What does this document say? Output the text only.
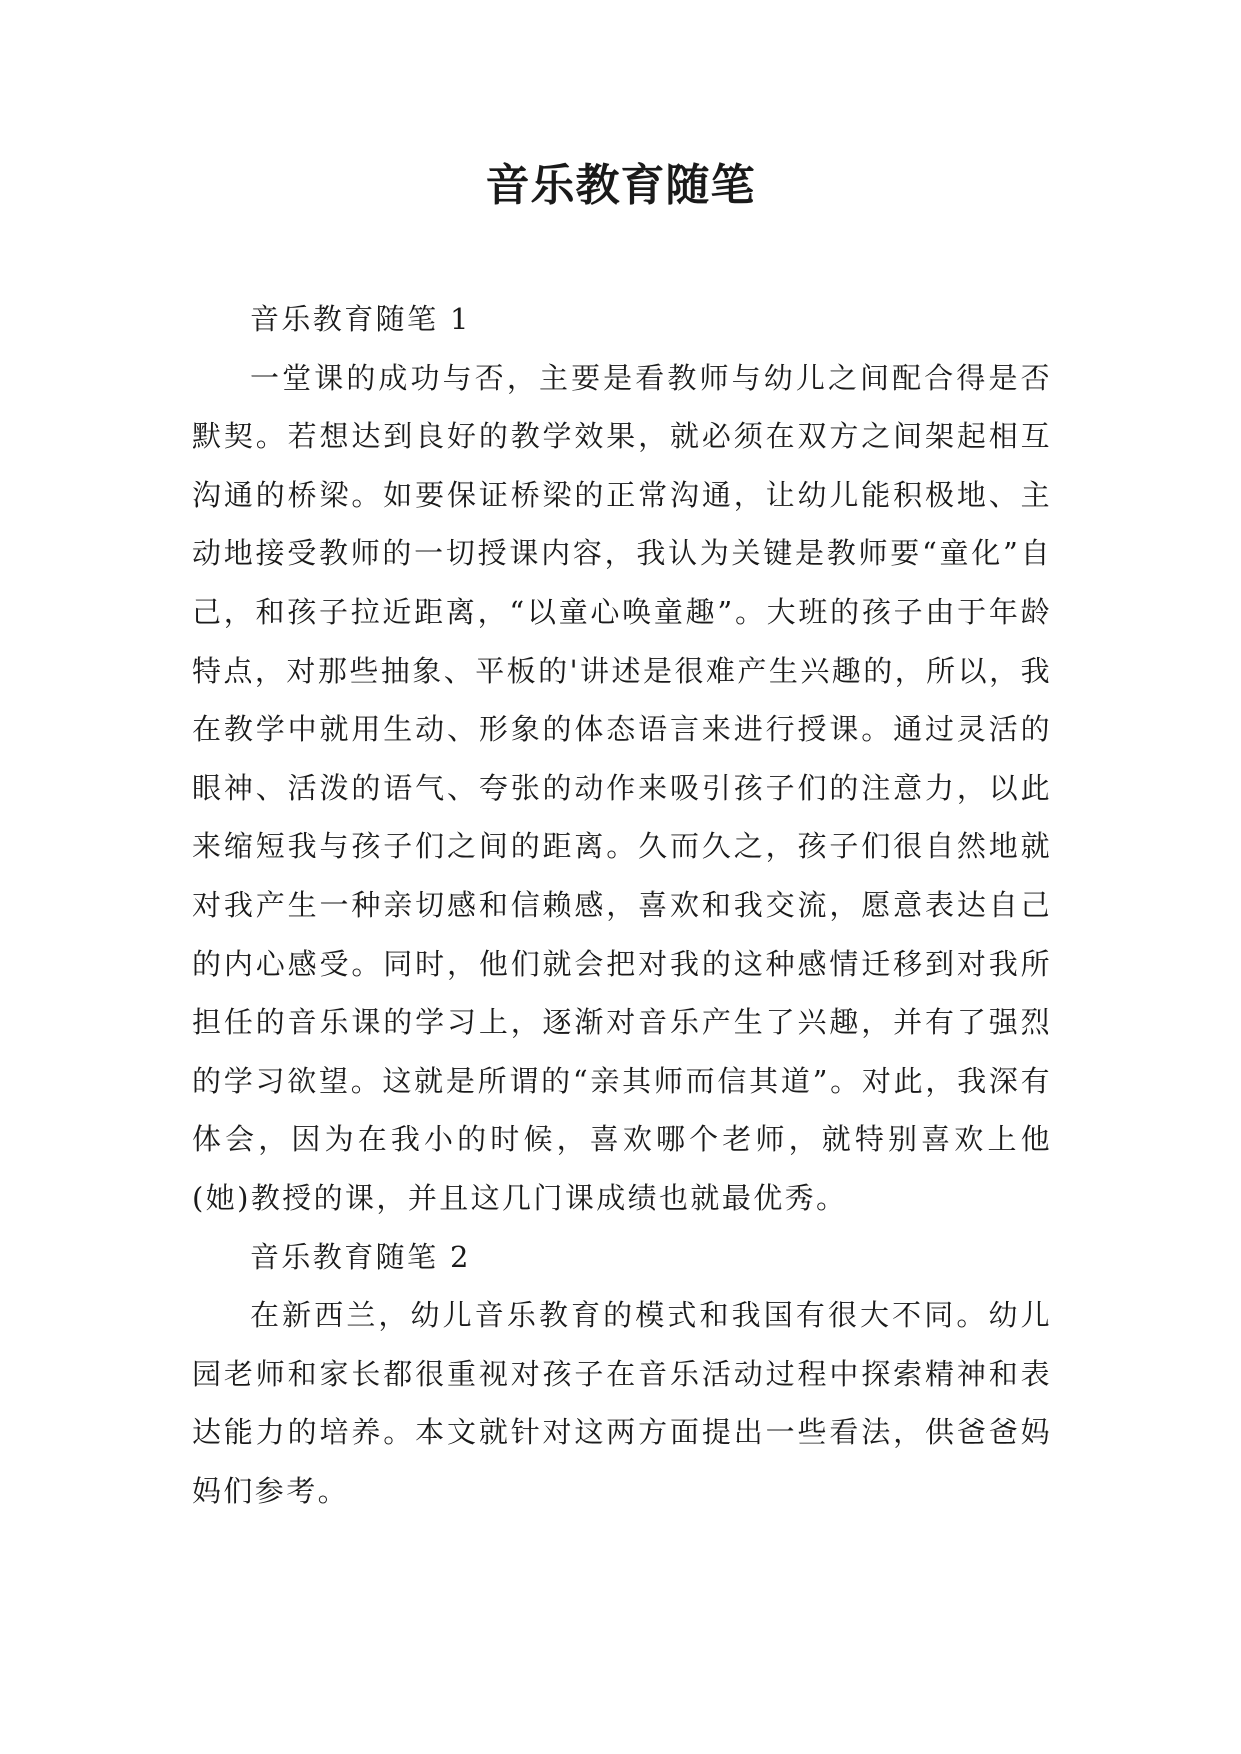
音乐教育随笔

音乐教育随笔 1

一堂课的成功与否，主要是看教师与幼儿之间配合得是否默契。若想达到良好的教学效果，就必须在双方之间架起相互沟通的桥梁。如要保证桥梁的正常沟通，让幼儿能积极地、主动地接受教师的一切授课内容，我认为关键是教师要“童化”自己，和孩子拉近距离，“以童心唤童趣”。大班的孩子由于年龄特点，对那些抽象、平板的'讲述是很难产生兴趣的，所以，我在教学中就用生动、形象的体态语言来进行授课。通过灵活的眼神、活泼的语气、夸张的动作来吸引孩子们的注意力，以此来缩短我与孩子们之间的距离。久而久之，孩子们很自然地就对我产生一种亲切感和信赖感，喜欢和我交流，愿意表达自己的内心感受。同时，他们就会把对我的这种感情迁移到对我所担任的音乐课的学习上，逐渐对音乐产生了兴趣，并有了强烈的学习欲望。这就是所谓的“亲其师而信其道”。对此，我深有体会，因为在我小的时候，喜欢哪个老师，就特别喜欢上他(她)教授的课，并且这几门课成绩也就最优秀。

音乐教育随笔 2

在新西兰，幼儿音乐教育的模式和我国有很大不同。幼儿园老师和家长都很重视对孩子在音乐活动过程中探索精神和表达能力的培养。本文就针对这两方面提出一些看法，供爸爸妈妈们参考。
